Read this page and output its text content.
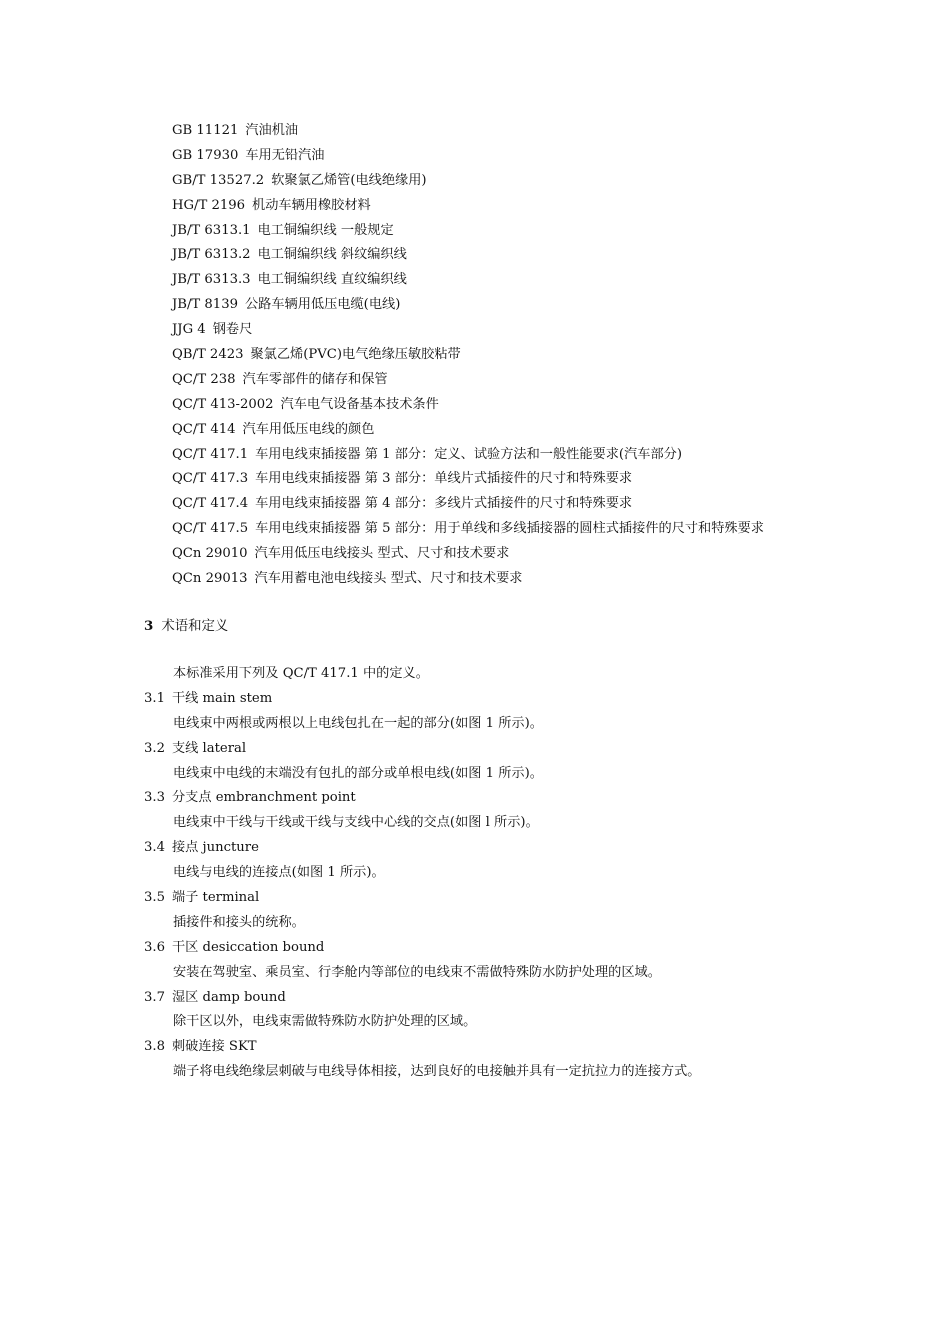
GB 11121 汽油机油
GB 17930 车用无铅汽油
GB/T 13527.2 软聚氯乙烯管(电线绝缘用)
HG/T 2196 机动车辆用橡胶材料
JB/T 6313.1 电工铜编织线 一般规定
JB/T 6313.2 电工铜编织线 斜纹编织线
JB/T 6313.3 电工铜编织线 直纹编织线
JB/T 8139 公路车辆用低压电缆(电线)
JJG 4 钢卷尺
QB/T 2423 聚氯乙烯(PVC)电气绝缘压敏胶粘带
QC/T 238 汽车零部件的储存和保管
QC/T 413-2002 汽车电气设备基本技术条件
QC/T 414 汽车用低压电线的颜色
QC/T 417.1 车用电线束插接器 第 1 部分：定义、试验方法和一般性能要求(汽车部分)
QC/T 417.3 车用电线束插接器 第 3 部分：单线片式插接件的尺寸和特殊要求
QC/T 417.4 车用电线束插接器 第 4 部分：多线片式插接件的尺寸和特殊要求
QC/T 417.5 车用电线束插接器 第 5 部分：用于单线和多线插接器的圆柱式插接件的尺寸和特殊要求
QCn 29010 汽车用低压电线接头 型式、尺寸和技术要求
QCn 29013 汽车用蓄电池电线接头 型式、尺寸和技术要求
3 术语和定义
本标准采用下列及 QC/T 417.1 中的定义。
3.1 干线 main stem
电线束中两根或两根以上电线包扎在一起的部分(如图 1 所示)。
3.2 支线 lateral
电线束中电线的末端没有包扎的部分或单根电线(如图 1 所示)。
3.3 分支点 embranchment point
电线束中干线与干线或干线与支线中心线的交点(如图 l 所示)。
3.4 接点 juncture
电线与电线的连接点(如图 1 所示)。
3.5 端子 terminal
插接件和接头的统称。
3.6 干区 desiccation bound
安装在驾驶室、乘员室、行李舱内等部位的电线束不需做特殊防水防护处理的区域。
3.7 湿区 damp bound
除干区以外，电线束需做特殊防水防护处理的区域。
3.8 刺破连接 SKT
端子将电线绝缘层刺破与电线导体相接，达到良好的电接触并具有一定抗拉力的连接方式。
